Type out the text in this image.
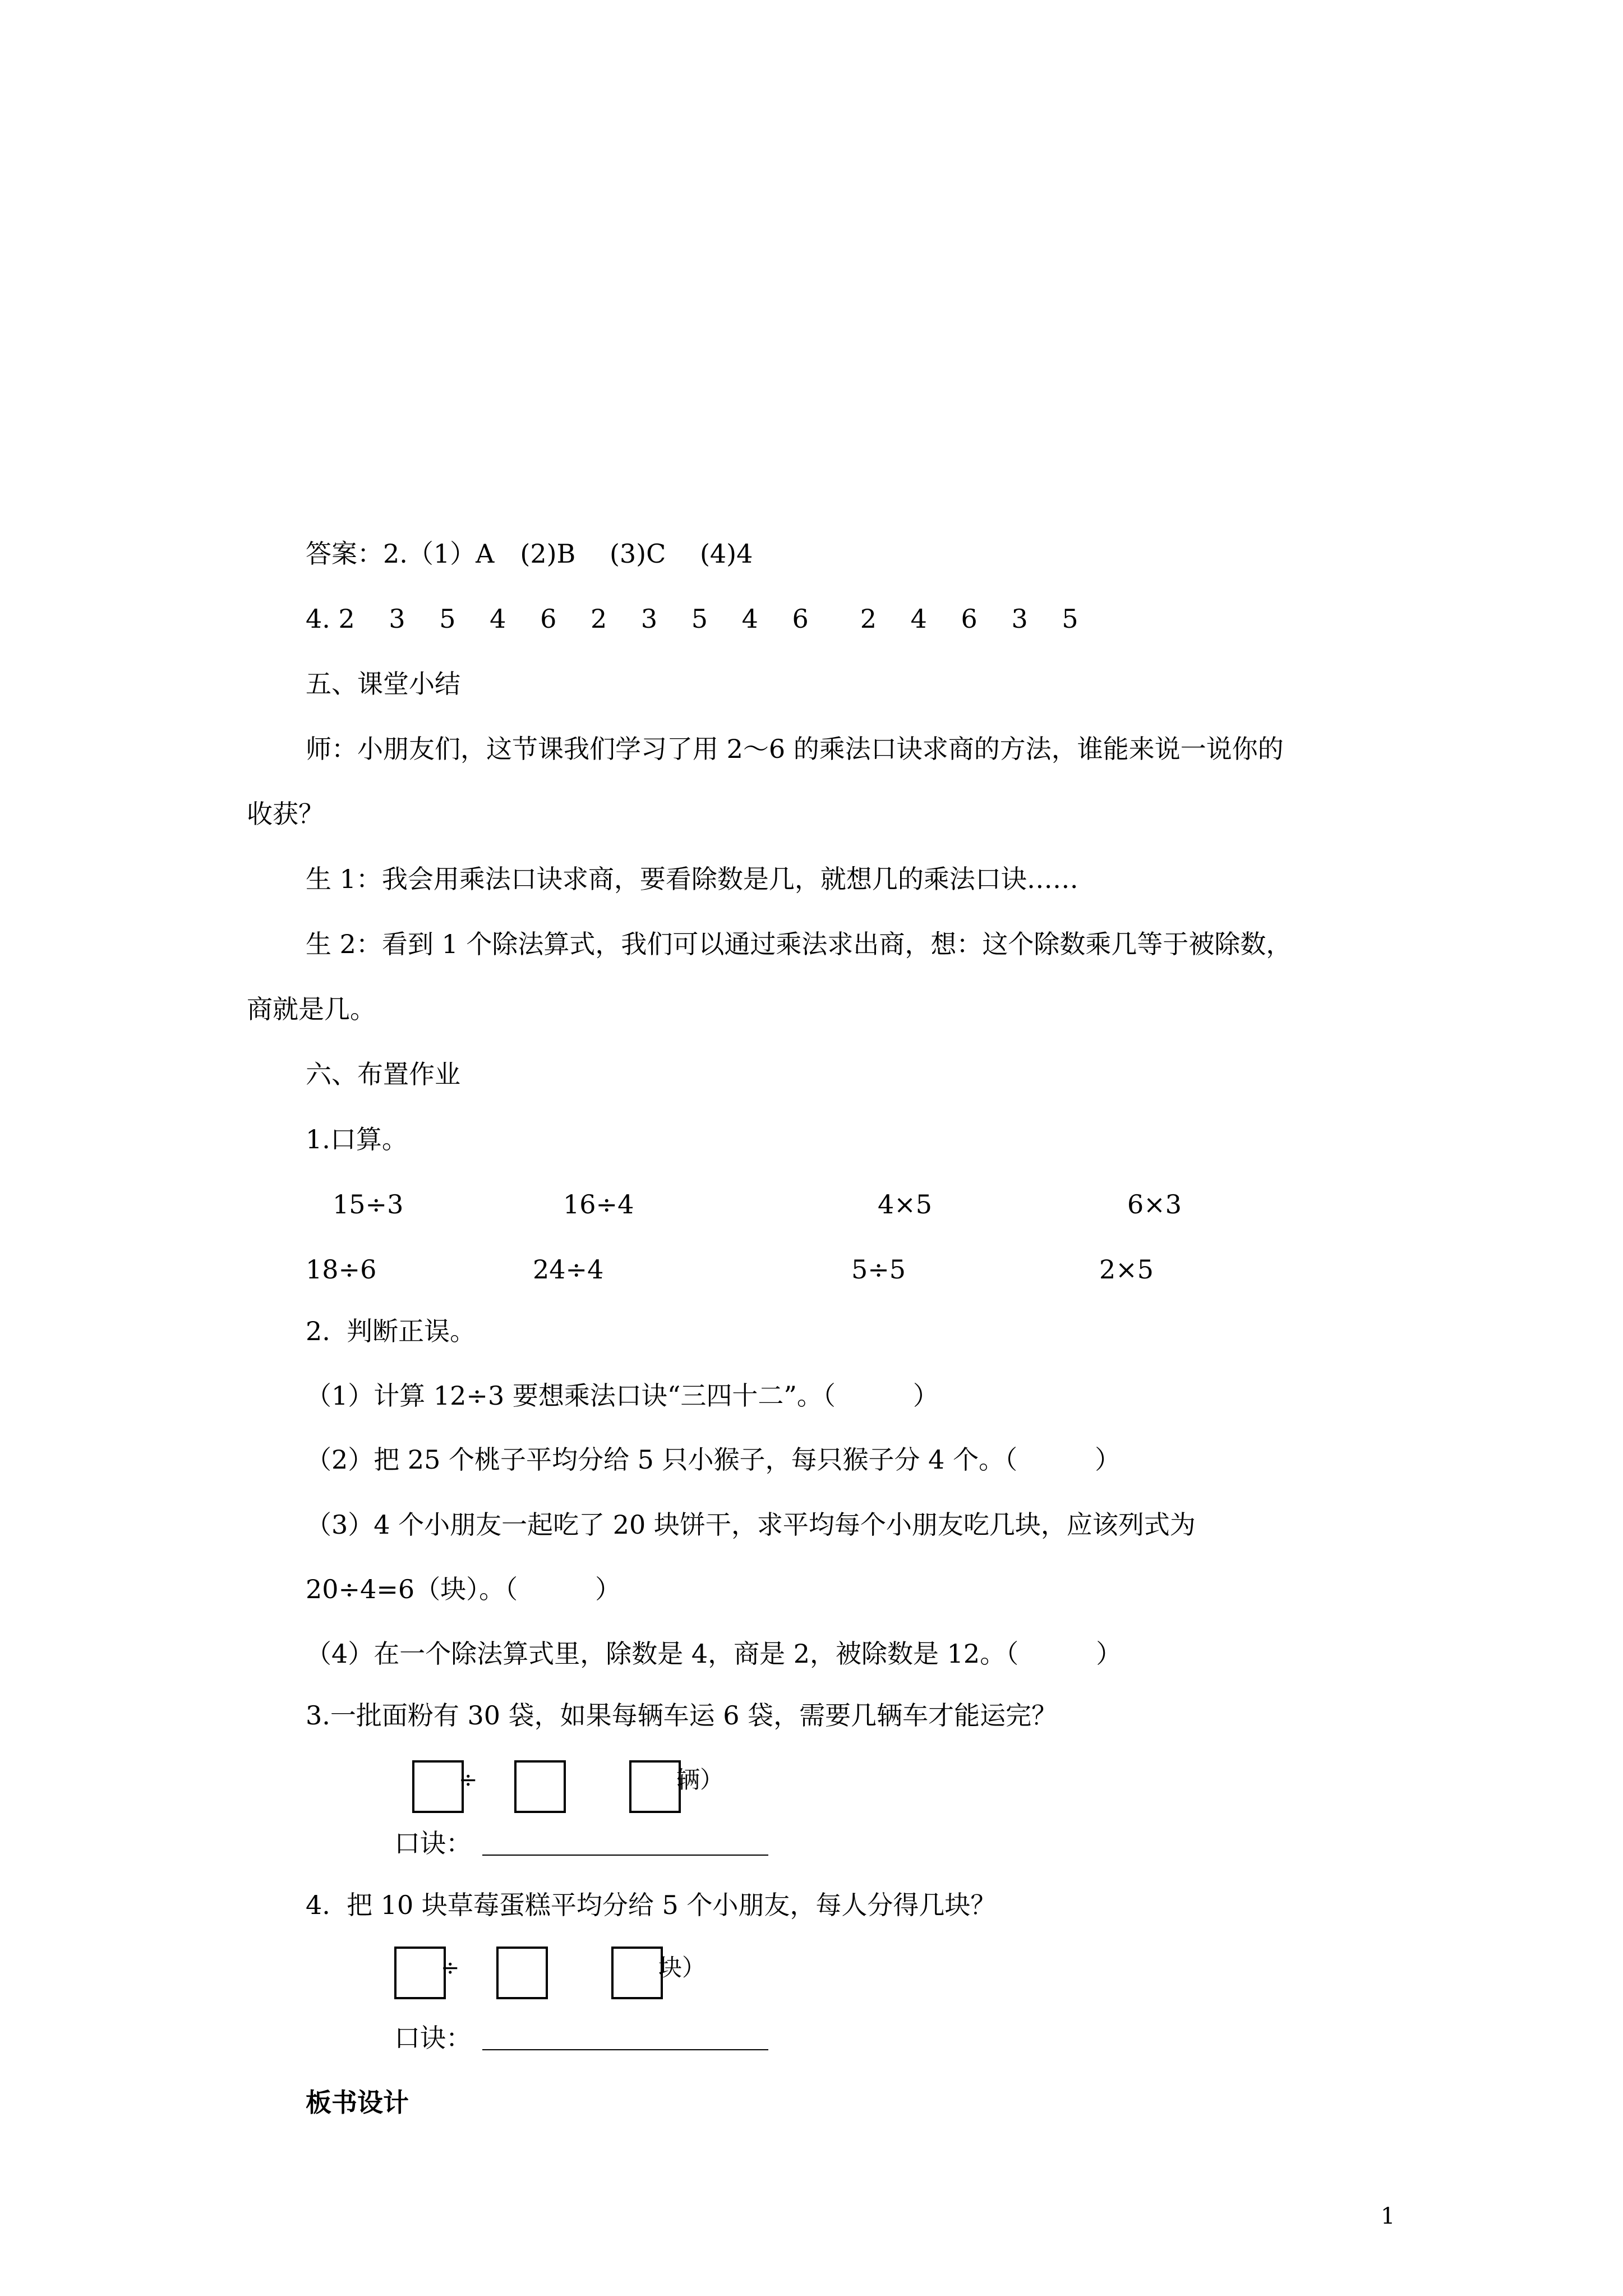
答案：2.（1）A　(2)B　 (3)C　 (4)4
4. 2　 3　 5　 4　 6　 2　 3　 5　 4　 6　　2　 4　 6　 3　 5
五、课堂小结
师：小朋友们，这节课我们学习了用 2～6 的乘法口诀求商的方法，谁能来说一说你的
收获？
生 1：我会用乘法口诀求商，要看除数是几，就想几的乘法口诀……
生 2：看到 1 个除法算式，我们可以通过乘法求出商，想：这个除数乘几等于被除数，
商就是几。
六、布置作业
1.口算。
15÷3	16÷4	4×5	6×3
18÷6	24÷4	5÷5	2×5
2.  判断正误。
（1）计算 12÷3 要想乘法口诀“三四十二”。（　　　）
（2）把 25 个桃子平均分给 5 只小猴子，每只猴子分 4 个。（　　　）
（3）4 个小朋友一起吃了 20 块饼干，求平均每个小朋友吃几块，应该列式为
20÷4=6（块）。（　　　）
（4）在一个除法算式里，除数是 4，商是 2，被除数是 12。（　　　）
3.一批面粉有 30 袋，如果每辆车运 6 袋，需要几辆车才能运完？
÷	辆）
口诀：
4.  把 10 块草莓蛋糕平均分给 5 个小朋友，每人分得几块？
÷	块）
口诀：
板书设计
1
